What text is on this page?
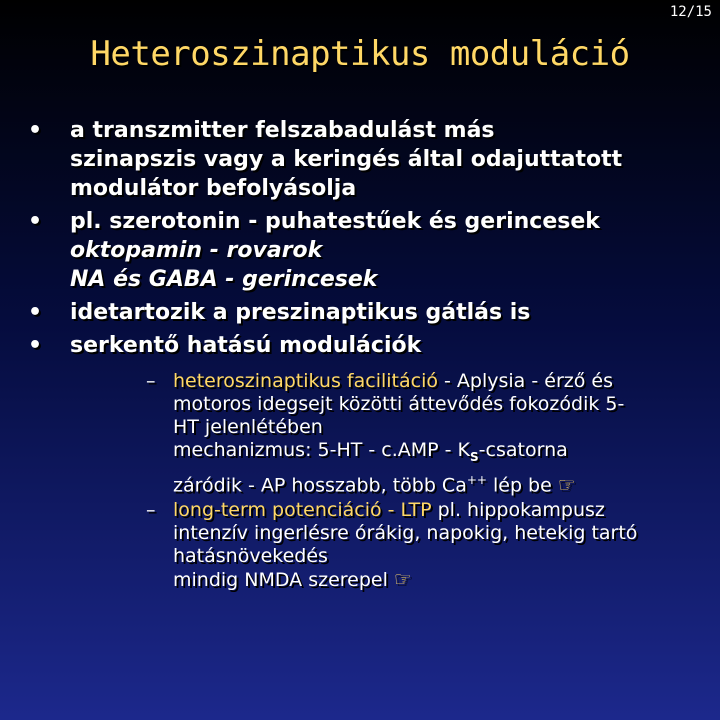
12/15
Heteroszinaptikus moduláció
• a transzmitter felszabadulást más
szinapszis vagy a keringés által odajuttatott
modulátor befolyásolja
• pl. szerotonin - puhatestűek és gerincesek
oktopamin - rovarok
NA és GABA - gerincesek
• idetartozik a preszinaptikus gátlás is
• serkentő hatású modulációk
– heteroszinaptikus facilitáció - Aplysia - érző és
motoros idegsejt közötti áttevődés fokozódik 5-
HT jelenlétében
mechanizmus: $5-HT - c.AMP - K_S$-csatorna
záródik - AP hosszabb, több Ca++ lép be ☞
– long-term potenciáció - LTP pl. hippokampusz
intenzív ingerlésre órákig, napokig, hetekig tartó
hatásnövekedés
mindig NMDA szerepel ☞
